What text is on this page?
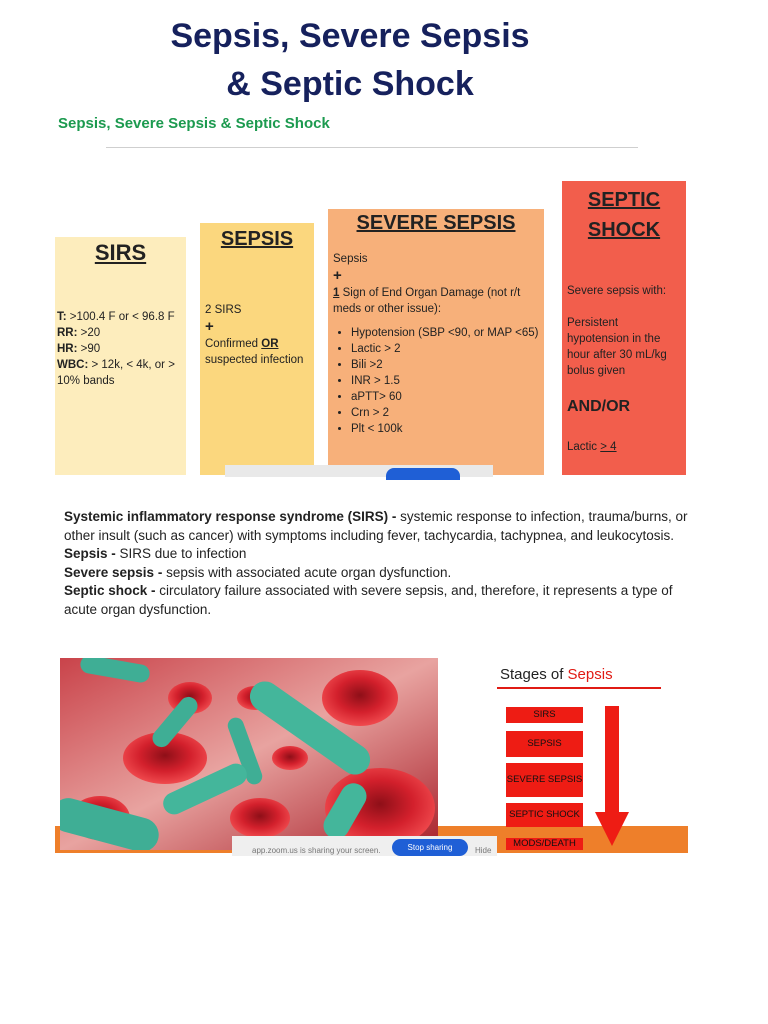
Sepsis, Severe Sepsis
& Septic Shock
Sepsis, Severe Sepsis & Septic Shock
SIRS

T: >100.4 F or < 96.8 F

RR: >20

HR: >90

WBC: > 12k, < 4k, or > 10% bands

SEPSIS

2 SIRS

+

Confirmed OR suspected infection

SEVERE SEPSIS

Sepsis

+

1 Sign of End Organ Damage (not r/t meds or other issue):

• Hypotension (SBP <90, or MAP <65)
• Lactic > 2
• Bili >2
• INR > 1.5
• aPTT> 60
• Crn > 2
• Plt < 100k
SEPTIC
SHOCK

Severe sepsis with:

Persistent hypotension in the hour after 30 mL/kg bolus given

AND/OR

Lactic > 4

Systemic inflammatory response syndrome (SIRS) - systemic response to infection, trauma/burns, or other insult (such as cancer) with symptoms including fever, tachycardia, tachypnea, and leukocytosis.

Sepsis - SIRS due to infection

Severe sepsis - sepsis with associated acute organ dysfunction.

Septic shock - circulatory failure associated with severe sepsis, and, therefore, it represents a type of acute organ dysfunction.

Stages of Sepsis
SIRS
SEPSIS
SEVERE SEPSIS
SEPTIC SHOCK
MODS/DEATH
app.zoom.us is sharing your screen.	Stop sharing	Hide
